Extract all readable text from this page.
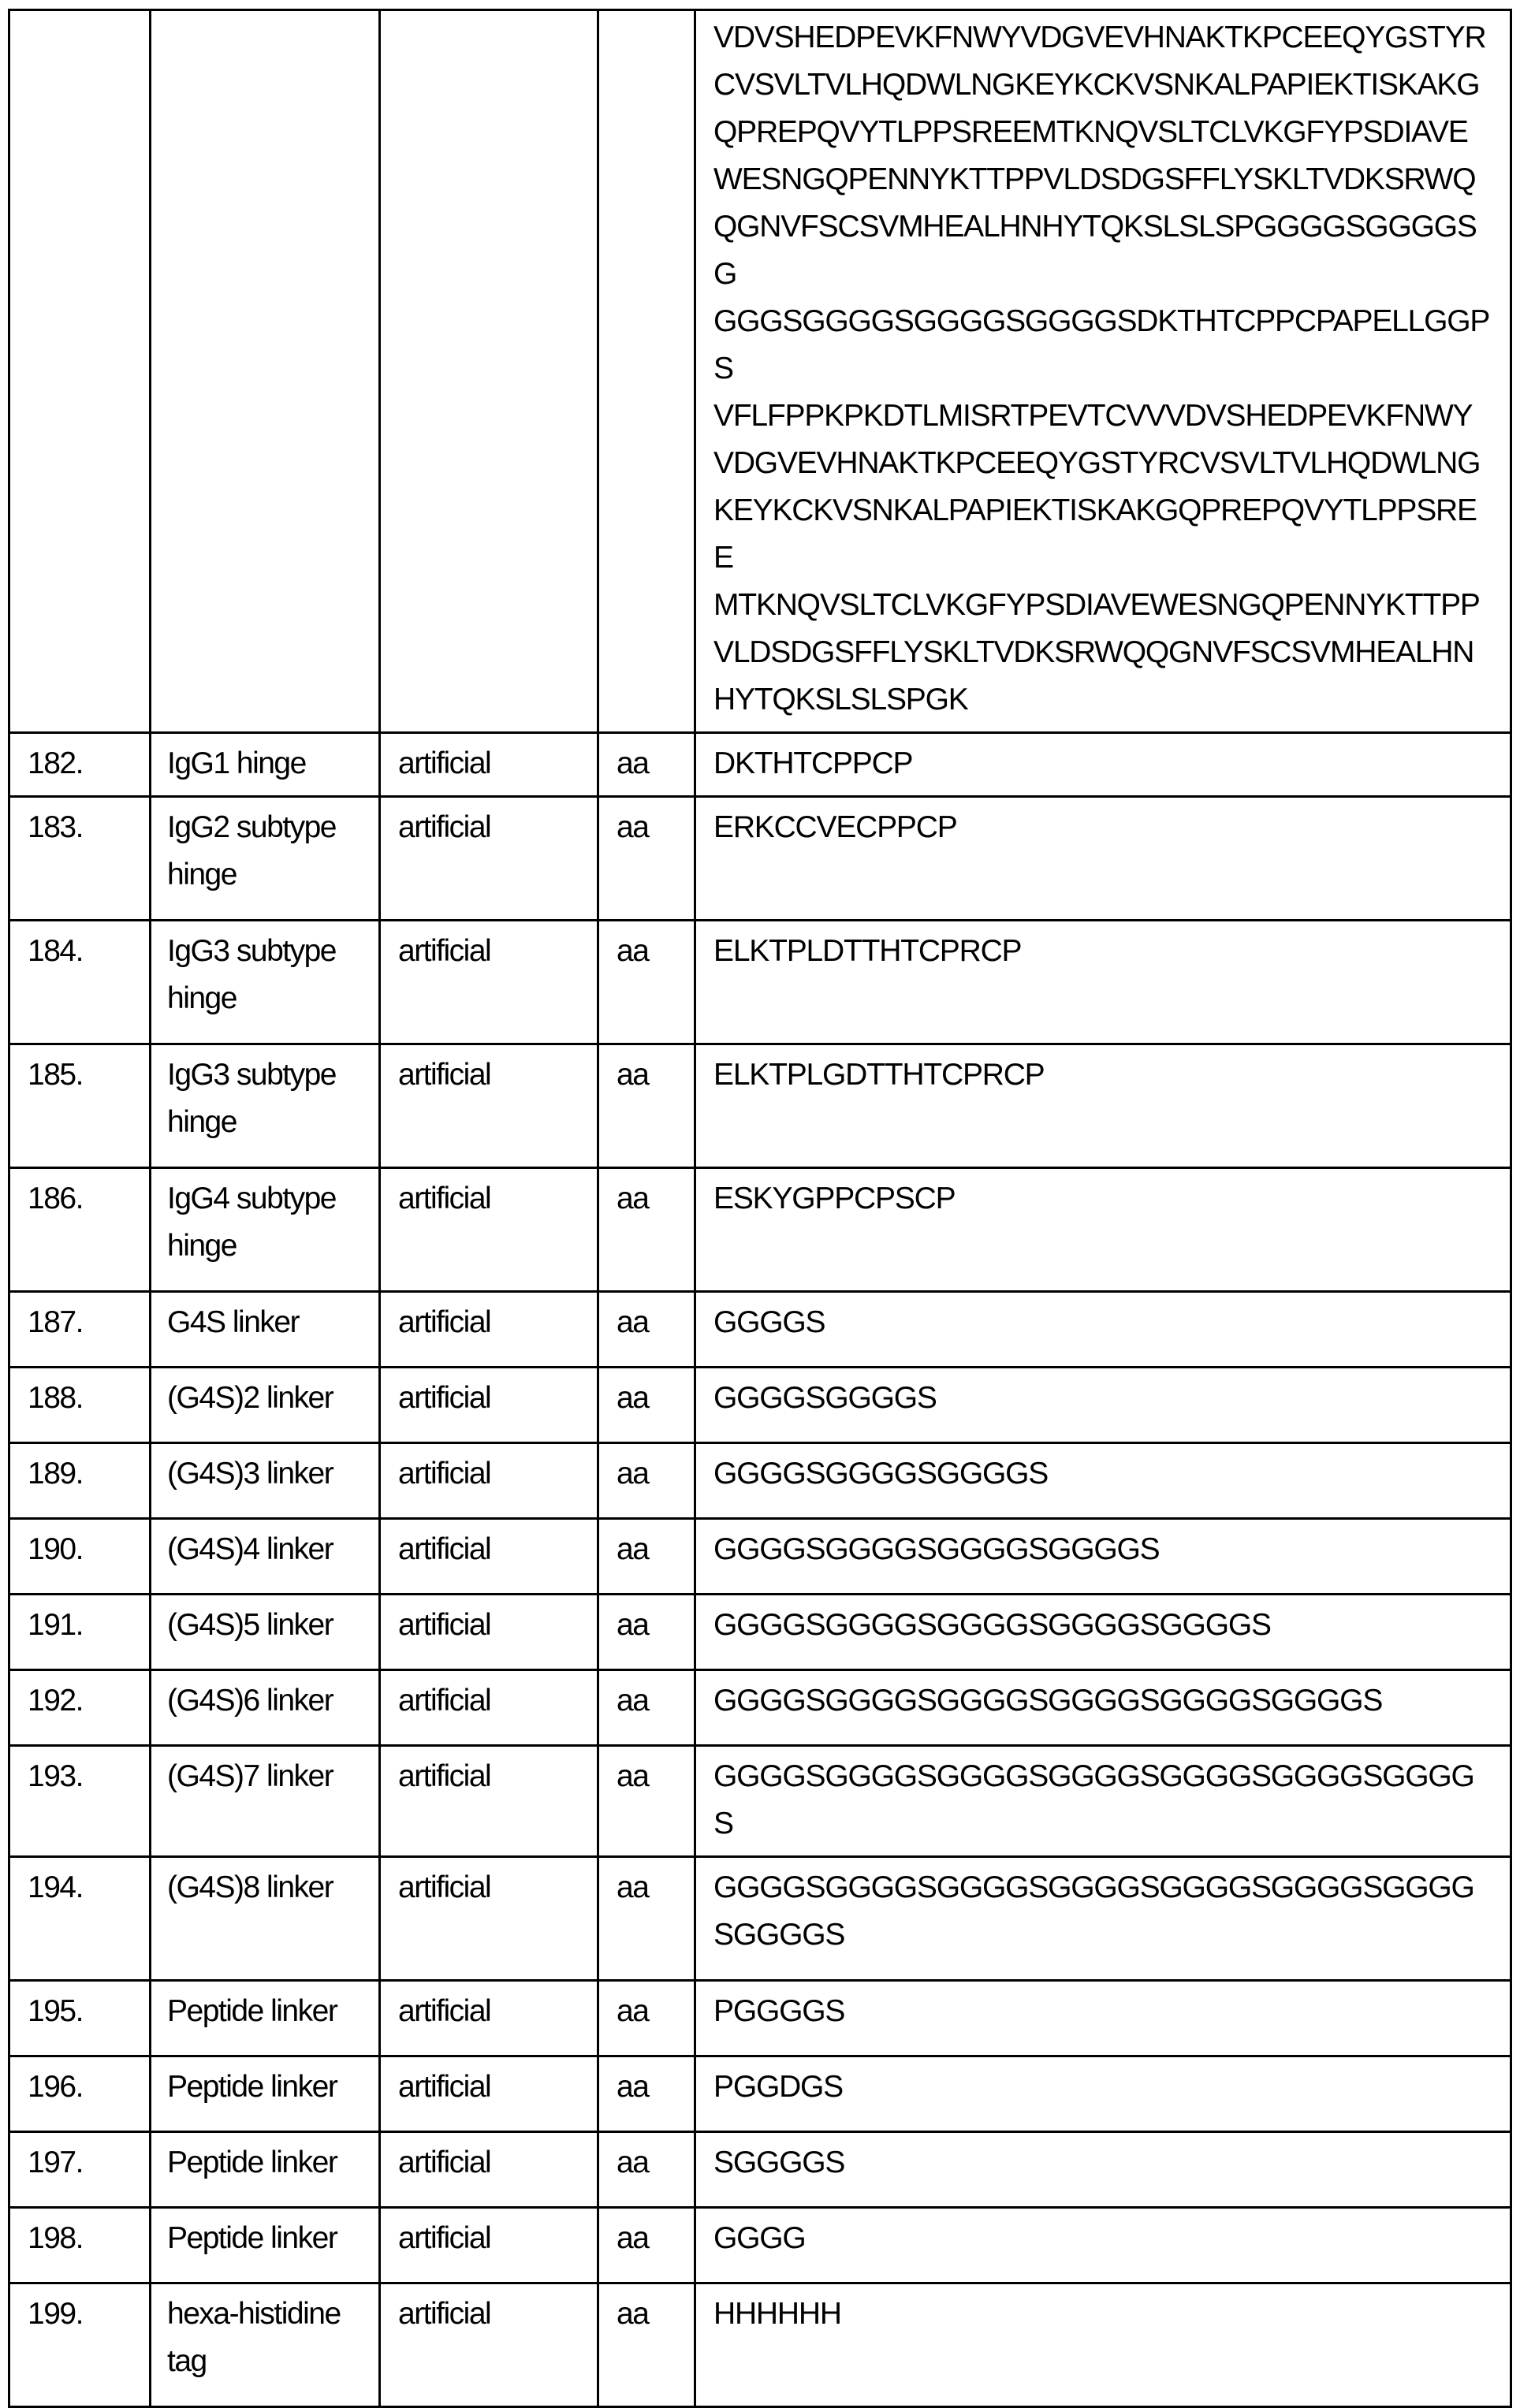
VDVSHEDPEVKFNWYVDGVEVHNAKTKPCEEQYGSTYR
CVSVLTVLHQDWLNGKEYKCKVSNKALPAPIEKTISKAKG
QPREPQVYTLPPSREEMTKNQVSLTCLVKGFYPSDIAVE
WESNGQPENNYKTTPPVLDSDGSFFLYSKLTVDKSRWQ
QGNVFSCSVMHEALHNHYTQKSLSLSPGGGGSGGGGSG
GGGSGGGGSGGGGSGGGGSDKTHTCPPCPAPELLGGPS
VFLFPPKPKDTLMISRTPEVTCVVVDVSHEDPEVKFNWY
VDGVEVHNAKTKPCEEQYGSTYRCVSVLTVLHQDWLNG
KEYKCKVSNKALPAPIEKTISKAKGQPREPQVYTLPPSREE
MTKNQVSLTCLVKGFYPSDIAVEWESNGQPENNYKTTPP
VLDSDGSFFLYSKLTVDKSRWQQGNVFSCSVMHEALHN
HYTQKSLSLSPGK

182.	IgG1 hinge	artificial	aa	DKTHTCPPCP
183.	IgG2 subtype hinge	artificial	aa	ERKCCVECPPCP
184.	IgG3 subtype hinge	artificial	aa	ELKTPLDTTHTCPRCP
185.	IgG3 subtype hinge	artificial	aa	ELKTPLGDTTHTCPRCP
186.	IgG4 subtype hinge	artificial	aa	ESKYGPPCPSCP
187.	G4S linker	artificial	aa	GGGGS
188.	(G4S)2 linker	artificial	aa	GGGGSGGGGS
189.	(G4S)3 linker	artificial	aa	GGGGSGGGGSGGGGS
190.	(G4S)4 linker	artificial	aa	GGGGSGGGGSGGGGSGGGGS
191.	(G4S)5 linker	artificial	aa	GGGGSGGGGSGGGGSGGGGSGGGGS
192.	(G4S)6 linker	artificial	aa	GGGGSGGGGSGGGGSGGGGSGGGGSGGGGS
193.	(G4S)7 linker	artificial	aa	GGGGSGGGGSGGGGSGGGGSGGGGSGGGGSGGGGS
194.	(G4S)8 linker	artificial	aa	GGGGSGGGGSGGGGSGGGGSGGGGSGGGGSGGGGSGGGGS
195.	Peptide linker	artificial	aa	PGGGGS
196.	Peptide linker	artificial	aa	PGGDGS
197.	Peptide linker	artificial	aa	SGGGGS
198.	Peptide linker	artificial	aa	GGGG
199.	hexa-histidine tag	artificial	aa	HHHHHH
